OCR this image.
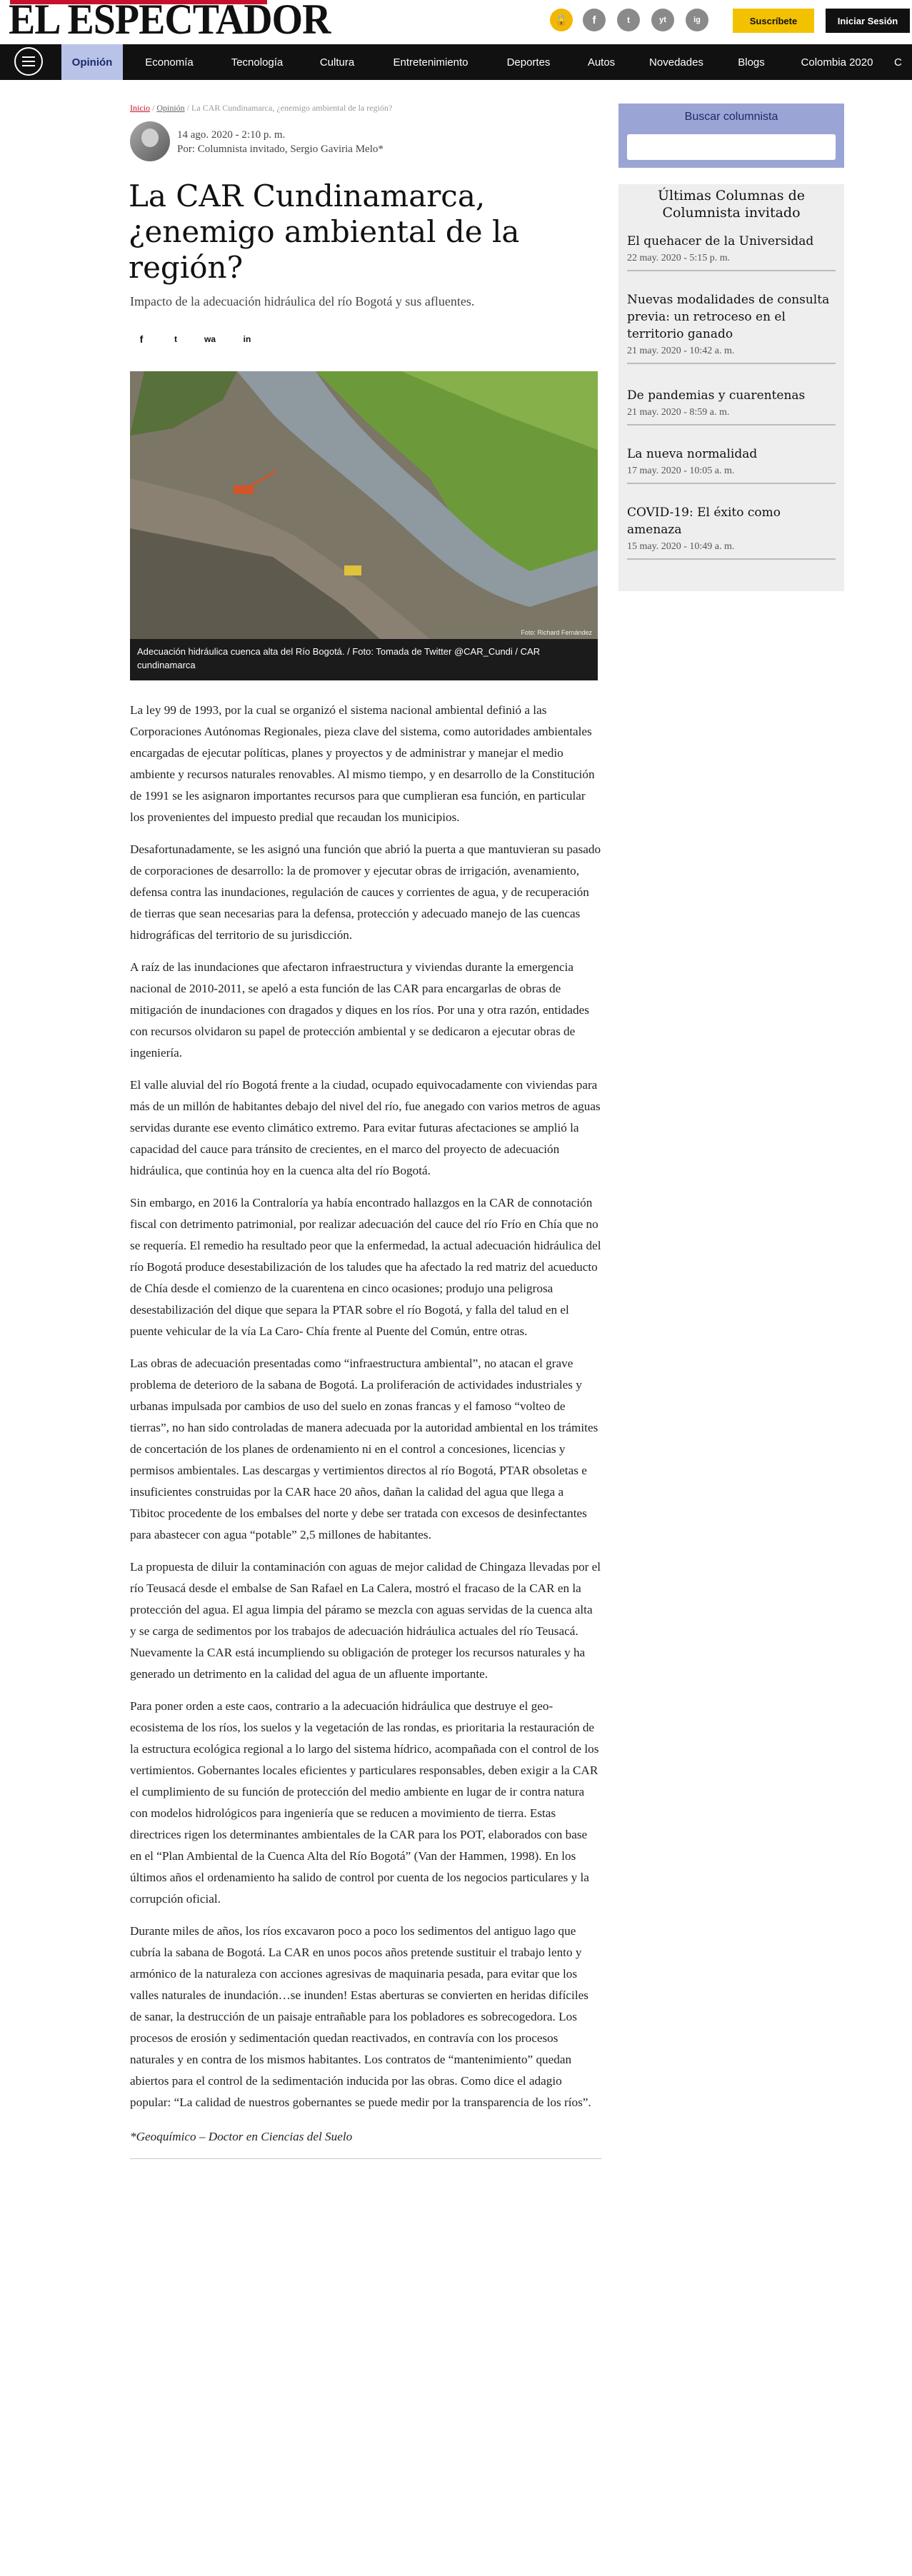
EL ESPECTADOR	🔒	f	t	yt	ig	Suscríbete	Iniciar Sesión
Opinión	Economía	Tecnología	Cultura	Entretenimiento	Deportes	Autos	Novedades	Blogs	Colombia 2020	C
Inicio / Opinión / La CAR Cundinamarca, ¿enemigo ambiental de la región?
14 ago. 2020 - 2:10 p. m.
Por: Columnista invitado, Sergio Gaviria Melo*
La CAR Cundinamarca, ¿enemigo ambiental de la región?
Impacto de la adecuación hidráulica del río Bogotá y sus afluentes.
f	t	wa	in
Foto: Richard Fernández
Adecuación hidráulica cuenca alta del Río Bogotá. / Foto: Tomada de Twitter @CAR_Cundi / CAR cundinamarca

La ley 99 de 1993, por la cual se organizó el sistema nacional ambiental definió a las Corporaciones Autónomas Regionales, pieza clave del sistema, como autoridades ambientales encargadas de ejecutar políticas, planes y proyectos y de administrar y manejar el medio ambiente y recursos naturales renovables. Al mismo tiempo, y en desarrollo de la Constitución de 1991 se les asignaron importantes recursos para que cumplieran esa función, en particular los provenientes del impuesto predial que recaudan los municipios.

Desafortunadamente, se les asignó una función que abrió la puerta a que mantuvieran su pasado de corporaciones de desarrollo: la de promover y ejecutar obras de irrigación, avenamiento, defensa contra las inundaciones, regulación de cauces y corrientes de agua, y de recuperación de tierras que sean necesarias para la defensa, protección y adecuado manejo de las cuencas hidrográficas del territorio de su jurisdicción.

A raíz de las inundaciones que afectaron infraestructura y viviendas durante la emergencia nacional de 2010-2011, se apeló a esta función de las CAR para encargarlas de obras de mitigación de inundaciones con dragados y diques en los ríos. Por una y otra razón, entidades con recursos olvidaron su papel de protección ambiental y se dedicaron a ejecutar obras de ingeniería.

El valle aluvial del río Bogotá frente a la ciudad, ocupado equivocadamente con viviendas para más de un millón de habitantes debajo del nivel del río, fue anegado con varios metros de aguas servidas durante ese evento climático extremo. Para evitar futuras afectaciones se amplió la capacidad del cauce para tránsito de crecientes, en el marco del proyecto de adecuación hidráulica, que continúa hoy en la cuenca alta del río Bogotá.

Sin embargo, en 2016 la Contraloría ya había encontrado hallazgos en la CAR de connotación fiscal con detrimento patrimonial, por realizar adecuación del cauce del río Frío en Chía que no se requería. El remedio ha resultado peor que la enfermedad, la actual adecuación hidráulica del río Bogotá produce desestabilización de los taludes que ha afectado la red matriz del acueducto de Chía desde el comienzo de la cuarentena en cinco ocasiones; produjo una peligrosa desestabilización del dique que separa la PTAR sobre el río Bogotá, y falla del talud en el puente vehicular de la vía La Caro- Chía frente al Puente del Común, entre otras.

Las obras de adecuación presentadas como “infraestructura ambiental”, no atacan el grave problema de deterioro de la sabana de Bogotá. La proliferación de actividades industriales y urbanas impulsada por cambios de uso del suelo en zonas francas y el famoso “volteo de tierras”, no han sido controladas de manera adecuada por la autoridad ambiental en los trámites de concertación de los planes de ordenamiento ni en el control a concesiones, licencias y permisos ambientales. Las descargas y vertimientos directos al río Bogotá, PTAR obsoletas e insuficientes construidas por la CAR hace 20 años, dañan la calidad del agua que llega a Tibitoc procedente de los embalses del norte y debe ser tratada con excesos de desinfectantes para abastecer con agua “potable” 2,5 millones de habitantes.

La propuesta de diluir la contaminación con aguas de mejor calidad de Chingaza llevadas por el río Teusacá desde el embalse de San Rafael en La Calera, mostró el fracaso de la CAR en la protección del agua. El agua limpia del páramo se mezcla con aguas servidas de la cuenca alta y se carga de sedimentos por los trabajos de adecuación hidráulica actuales del río Teusacá. Nuevamente la CAR está incumpliendo su obligación de proteger los recursos naturales y ha generado un detrimento en la calidad del agua de un afluente importante.

Para poner orden a este caos, contrario a la adecuación hidráulica que destruye el geo-ecosistema de los ríos, los suelos y la vegetación de las rondas, es prioritaria la restauración de la estructura ecológica regional a lo largo del sistema hídrico, acompañada con el control de los vertimientos. Gobernantes locales eficientes y particulares responsables, deben exigir a la CAR el cumplimiento de su función de protección del medio ambiente en lugar de ir contra natura con modelos hidrológicos para ingeniería que se reducen a movimiento de tierra. Estas directrices rigen los determinantes ambientales de la CAR para los POT, elaborados con base en el “Plan Ambiental de la Cuenca Alta del Río Bogotá” (Van der Hammen, 1998). En los últimos años el ordenamiento ha salido de control por cuenta de los negocios particulares y la corrupción oficial.

Durante miles de años, los ríos excavaron poco a poco los sedimentos del antiguo lago que cubría la sabana de Bogotá. La CAR en unos pocos años pretende sustituir el trabajo lento y armónico de la naturaleza con acciones agresivas de maquinaria pesada, para evitar que los valles naturales de inundación…se inunden! Estas aberturas se convierten en heridas difíciles de sanar, la destrucción de un paisaje entrañable para los pobladores es sobrecogedora. Los procesos de erosión y sedimentación quedan reactivados, en contravía con los procesos naturales y en contra de los mismos habitantes. Los contratos de “mantenimiento” quedan abiertos para el control de la sedimentación inducida por las obras. Como dice el adagio popular: “La calidad de nuestros gobernantes se puede medir por la transparencia de los ríos”.

*Geoquímico – Doctor en Ciencias del Suelo

Buscar columnista
Últimas Columnas de Columnista invitado
El quehacer de la Universidad
22 may. 2020 - 5:15 p. m.
Nuevas modalidades de consulta previa: un retroceso en el territorio ganado
21 may. 2020 - 10:42 a. m.
De pandemias y cuarentenas
21 may. 2020 - 8:59 a. m.
La nueva normalidad
17 may. 2020 - 10:05 a. m.
COVID-19: El éxito como amenaza
15 may. 2020 - 10:49 a. m.
